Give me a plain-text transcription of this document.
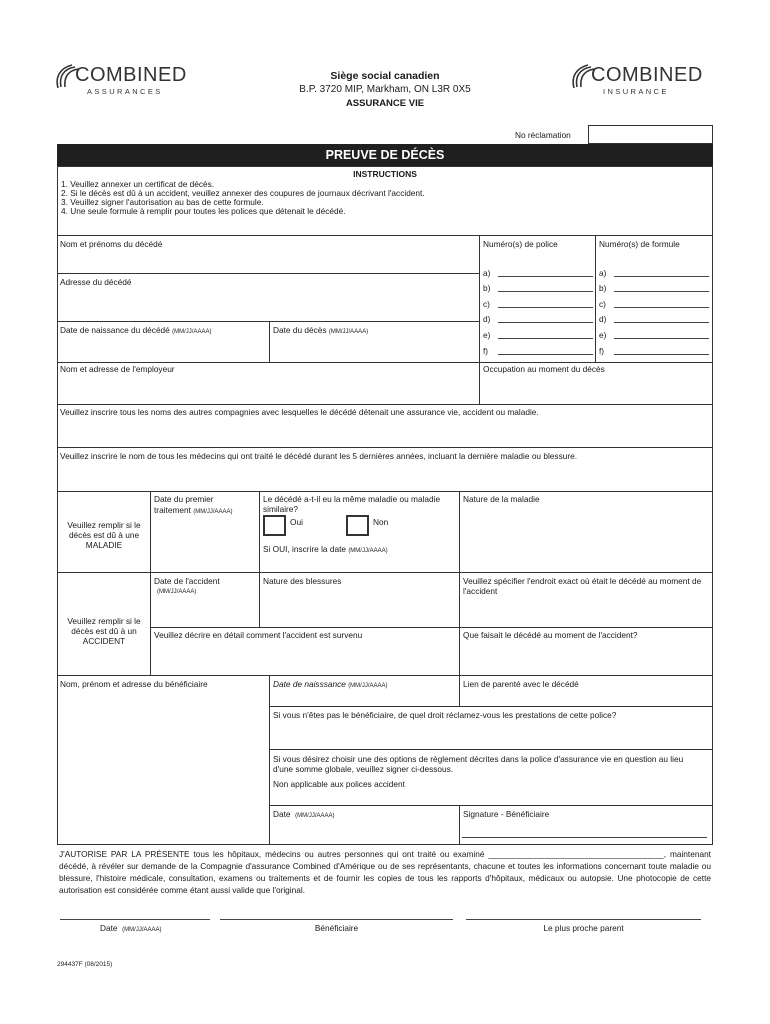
COMBINED
ASSURANCES
COMBINED
INSURANCE
Siège social canadien
B.P. 3720 MIP, Markham, ON L3R 0X5
ASSURANCE VIE
No réclamation
PREUVE DE DÉCÈS
INSTRUCTIONS
1. Veuillez annexer un certificat de décès.
2. Si le décès est dû à un accident, veuillez annexer des coupures de journaux décrivant l'accident.
3. Veuillez signer l'autorisation au bas de cette formule.
4. Une seule formule à remplir pour toutes les polices que détenait le décédé.
Nom et prénoms du décédé	Numéro(s) de police	Numéro(s) de formule
Adresse du décédé
Date de naissance du décédé (MM/JJ/AAAA)	Date du décès (MM/JJ/AAAA)
a)	a)
b)	b)
c)	c)
d)	d)
e)	e)
f)	f)
Nom et adresse de l'employeur	Occupation au moment du décès
Veuillez inscrire tous les noms des autres compagnies avec lesquelles le décédé détenait une assurance vie, accident ou maladie.
Veuillez inscrire le nom de tous les médecins qui ont traité le décédé durant les 5 dernières années, incluant la dernière maladie ou blessure.
Veuillez remplir si le décès est dû à une MALADIE
Date du premier
traitement (MM/JJ/AAAA)
Le décédé a-t-il eu la même maladie ou maladie similaire?
Oui	Non
Si OUI, inscrire la date (MM/JJ/AAAA)
Nature de la maladie
Veuillez remplir si le décès est dû à un ACCIDENT
Date de l'accident
(MM/JJ/AAAA)
Nature des blessures	Veuillez spécifier l'endroit exact où était le décédé au moment de l'accident
Veuillez décrire en détail comment l'accident est survenu	Que faisait le décédé au moment de l'accident?
Nom, prénom et adresse du bénéficiaire	Date de naisssance (MM/JJ/AAAA)	Lien de parenté avec le décédé
Si vous n'êtes pas le bénéficiaire, de quel droit réclamez-vous les prestations de cette police?
Si vous désirez choisir une des options de règlement décrites dans la police d'assurance vie en question au lieu d'une somme globale, veuillez signer ci-dessous.
Non applicable aux polices accident
Date (MM/JJ/AAAA)	Signature - Bénéficiaire
J'AUTORISE PAR LA PRÉSENTE tous les hôpitaux, médecins ou autres personnes qui ont traité ou examiné ______________________________________, maintenant décédé, à révéler sur demande de la Compagnie d'assurance Combined d'Amérique ou de ses représentants, chacune et toutes les informations concernant toute maladie ou blessure, l'histoire médicale, consultation, examens ou traitements et de fournir les copies de tous les rapports d'hôpitaux, médicaux ou autopsie. Une photocopie de cette autorisation est considérée comme étant aussi valide que l'original.
Date (MM/JJ/AAAA)	Bénéficiaire	Le plus proche parent
294437F (08/2015)
